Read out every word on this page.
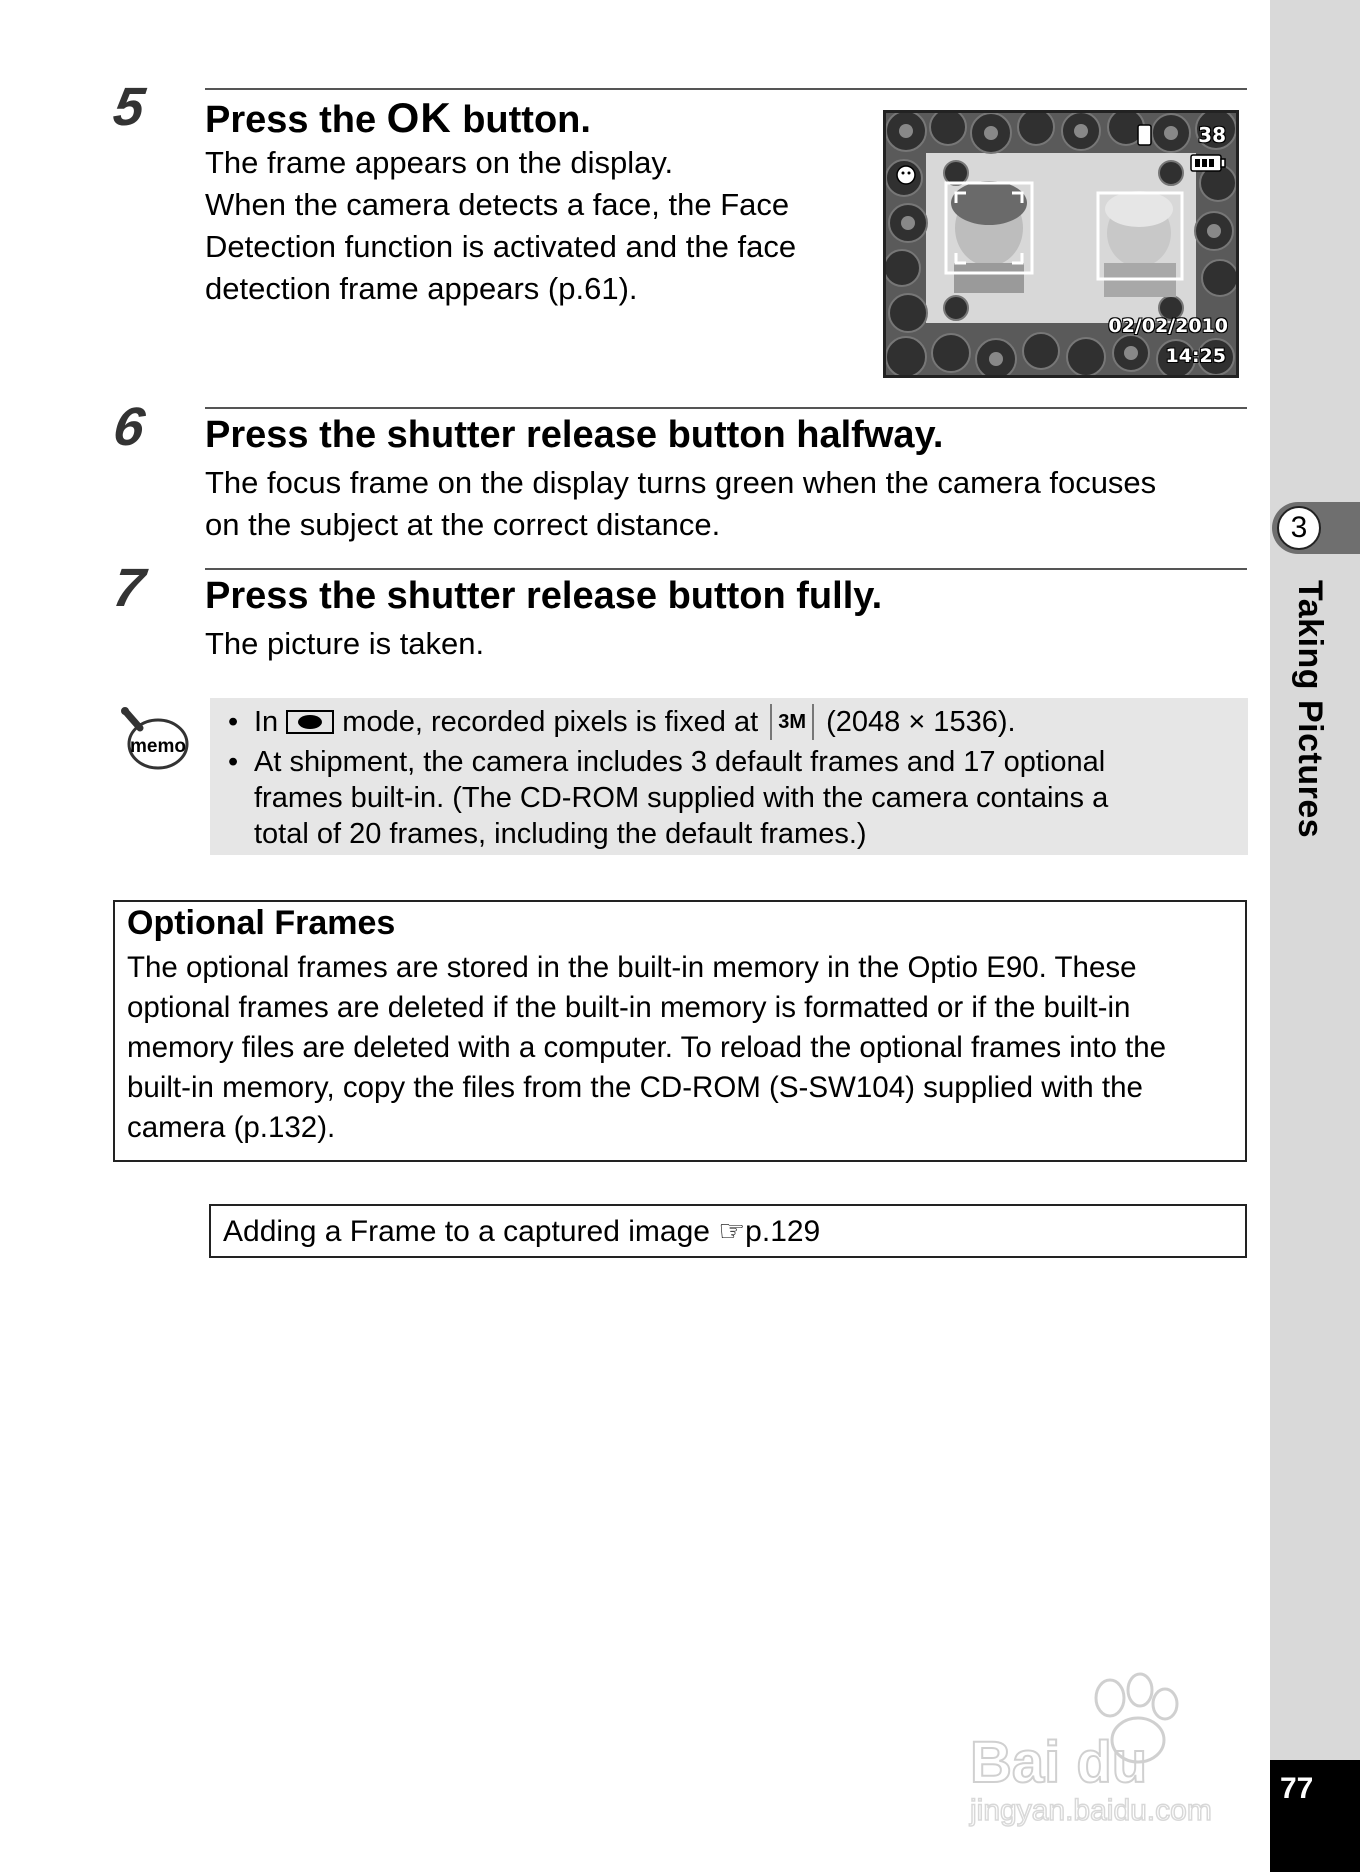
3
Taking Pictures
77
5 Press the OK button.

The frame appears on the display.
When the camera detects a face, the Face
Detection function is activated and the face
detection frame appears (p.61).

38
02/02/2010
14:25
6 Press the shutter release button halfway.

The focus frame on the display turns green when the camera focuses
on the subject at the correct distance.

7 Press the shutter release button fully.

The picture is taken.

memo
• In  mode, recorded pixels is fixed at 3M (2048 × 1536).
• At shipment, the camera includes 3 default frames and 17 optional
frames built-in. (The CD-ROM supplied with the camera contains a
total of 20 frames, including the default frames.)

Optional Frames

The optional frames are stored in the built-in memory in the Optio E90. These
optional frames are deleted if the built-in memory is formatted or if the built-in
memory files are deleted with a computer. To reload the optional frames into the
built-in memory, copy the files from the CD-ROM (S-SW104) supplied with the
camera (p.132).

Adding a Frame to a captured image ☞p.129

Bai du
jingyan.baidu.com
